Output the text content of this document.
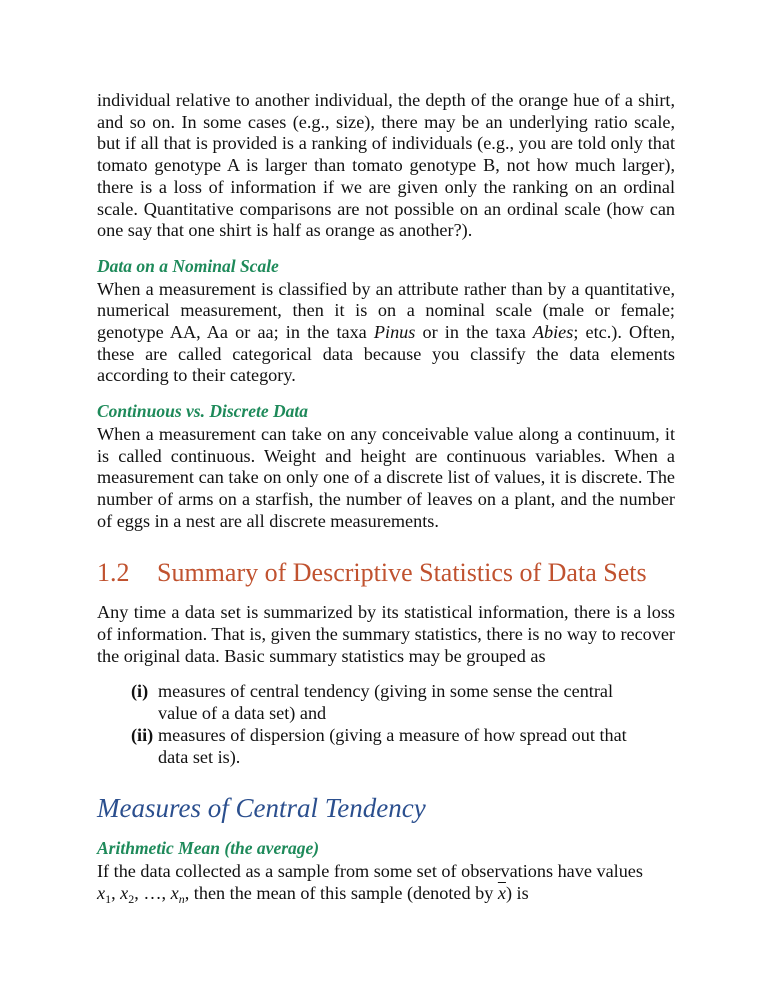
individual relative to another individual, the depth of the orange hue of a shirt, and so on. In some cases (e.g., size), there may be an underlying ratio scale, but if all that is provided is a ranking of individuals (e.g., you are told only that tomato genotype A is larger than tomato genotype B, not how much larger), there is a loss of information if we are given only the ranking on an ordinal scale. Quantitative comparisons are not possible on an ordinal scale (how can one say that one shirt is half as orange as another?).

Data on a Nominal Scale

When a measurement is classified by an attribute rather than by a quantitative, numerical measurement, then it is on a nominal scale (male or female; genotype AA, Aa or aa; in the taxa Pinus or in the taxa Abies; etc.). Often, these are called categorical data because you classify the data elements according to their category.

Continuous vs. Discrete Data

When a measurement can take on any conceivable value along a continuum, it is called continuous. Weight and height are continuous variables. When a measurement can take on only one of a discrete list of values, it is discrete. The number of arms on a starfish, the number of leaves on a plant, and the number of eggs in a nest are all discrete measurements.

1.2 Summary of Descriptive Statistics of Data Sets

Any time a data set is summarized by its statistical information, there is a loss of information. That is, given the summary statistics, there is no way to recover the original data. Basic summary statistics may be grouped as

(i) measures of central tendency (giving in some sense the central value of a data set) and
(ii) measures of dispersion (giving a measure of how spread out that data set is).
Measures of Central Tendency
Arithmetic Mean (the average)

If the data collected as a sample from some set of observations have values
$x_1$, $x_2$, …, $x_n$, then the mean of this sample (denoted by $\overline{x}$) is
